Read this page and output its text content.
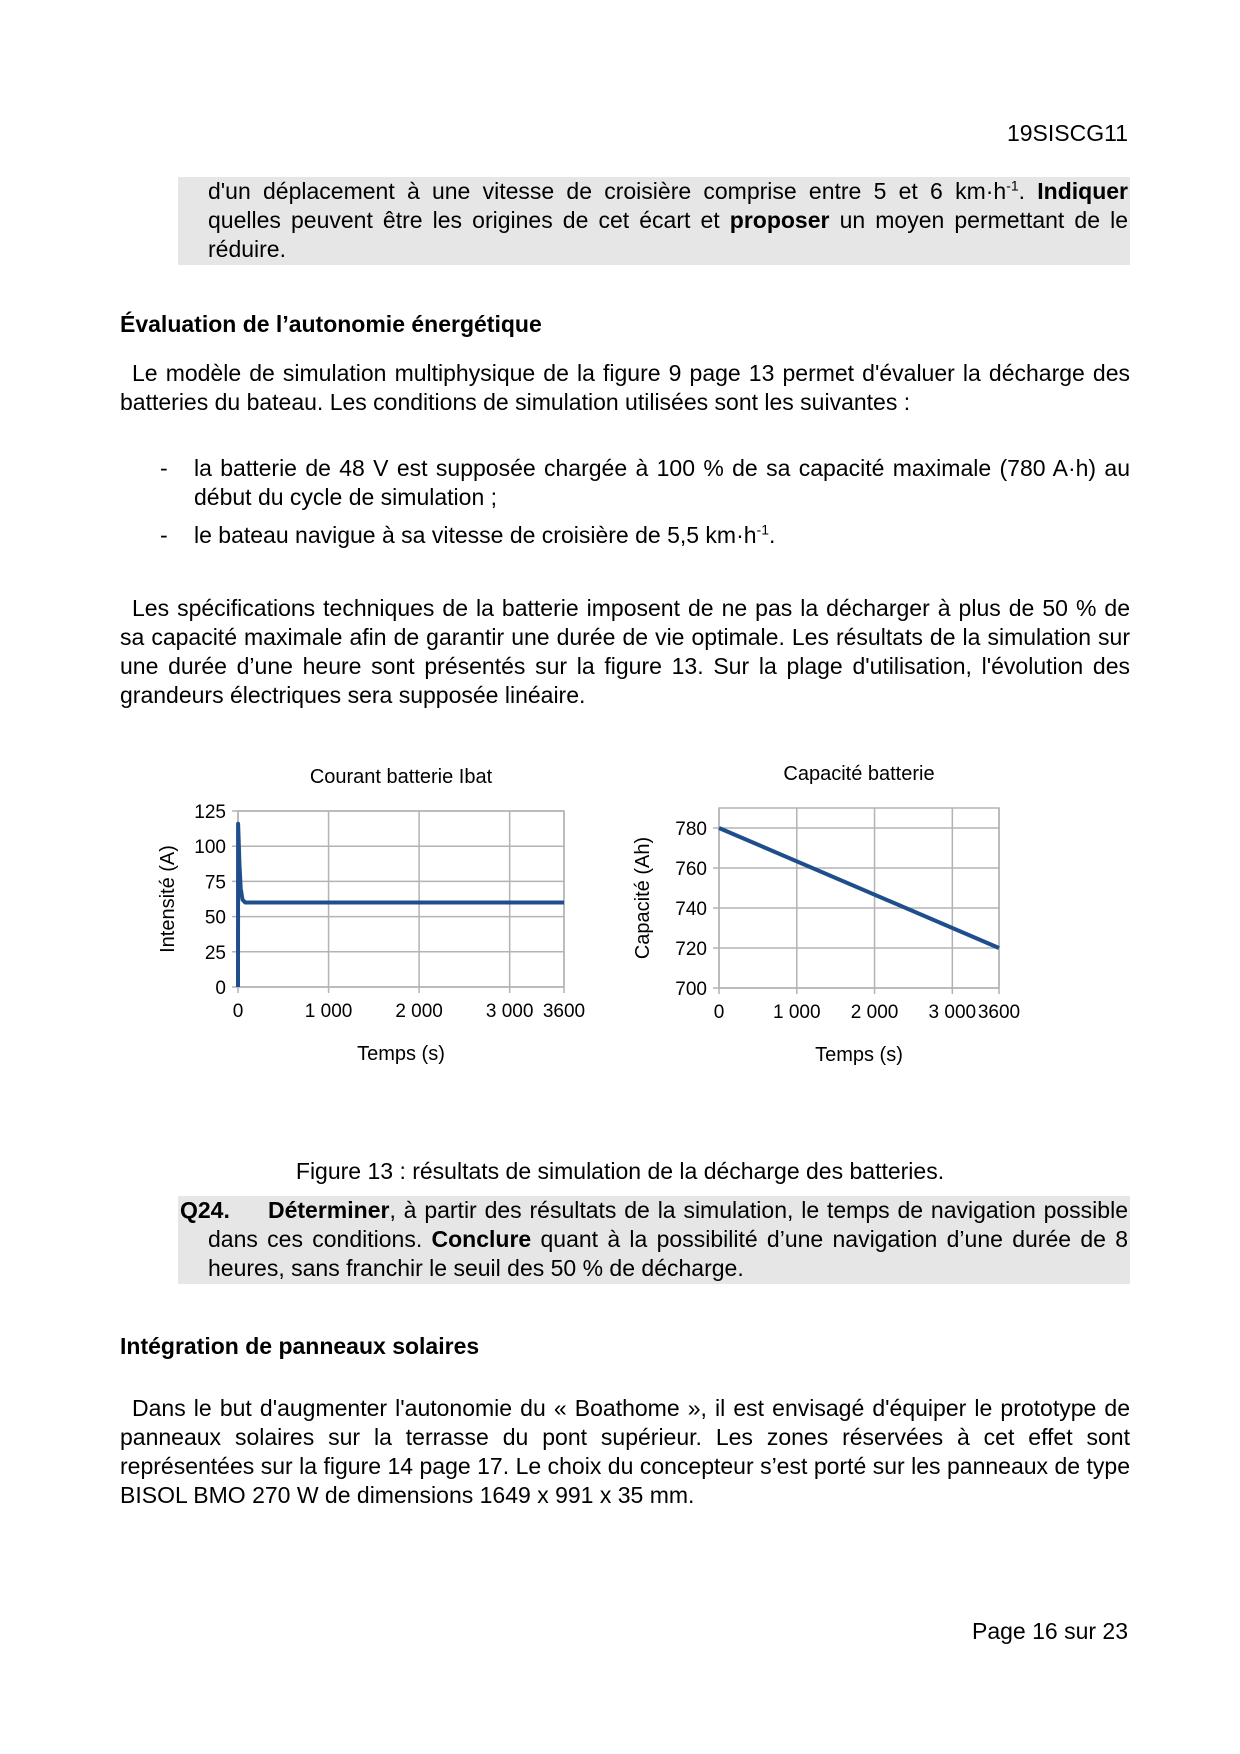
19SISCG11
d'un déplacement à une vitesse de croisière comprise entre 5 et 6 $km\cdot h^{-1}$. Indiquer quelles peuvent être les origines de cet écart et proposer un moyen permettant de le réduire.
Évaluation de l’autonomie énergétique
Le modèle de simulation multiphysique de la figure 9 page 13 permet d'évaluer la décharge des batteries du bateau. Les conditions de simulation utilisées sont les suivantes :
- la batterie de 48 V est supposée chargée à 100 % de sa capacité maximale (780 A·h) au début du cycle de simulation ;
- le bateau navigue à sa vitesse de croisière de 5,5 $km\cdot h^{-1}$.
Les spécifications techniques de la batterie imposent de ne pas la décharger à plus de 50 % de sa capacité maximale afin de garantir une durée de vie optimale. Les résultats de la simulation sur une durée d’une heure sont présentés sur la figure 13. Sur la plage d'utilisation, l'évolution des grandeurs électriques sera supposée linéaire.
0
25
50
75
100
125
0	1 000 2 000 3 000 3600
Courant batterie Ibat
Temps (s)
Intensité (A)
700
720
740
760
780
0	1 000 2 000 3 000 3600
Capacité batterie
Temps (s)
Capacité (Ah)
Figure 13 : résultats de simulation de la décharge des batteries.
Q24. Déterminer, à partir des résultats de la simulation, le temps de navigation possible dans ces conditions. Conclure quant à la possibilité d’une navigation d’une durée de 8 heures, sans franchir le seuil des 50 % de décharge.
Intégration de panneaux solaires
Dans le but d'augmenter l'autonomie du « Boathome », il est envisagé d'équiper le prototype de panneaux solaires sur la terrasse du pont supérieur. Les zones réservées à cet effet sont représentées sur la figure 14 page 17. Le choix du concepteur s’est porté sur les panneaux de type BISOL BMO 270 W de dimensions 1649 x 991 x 35 mm.
Page 16 sur 23
